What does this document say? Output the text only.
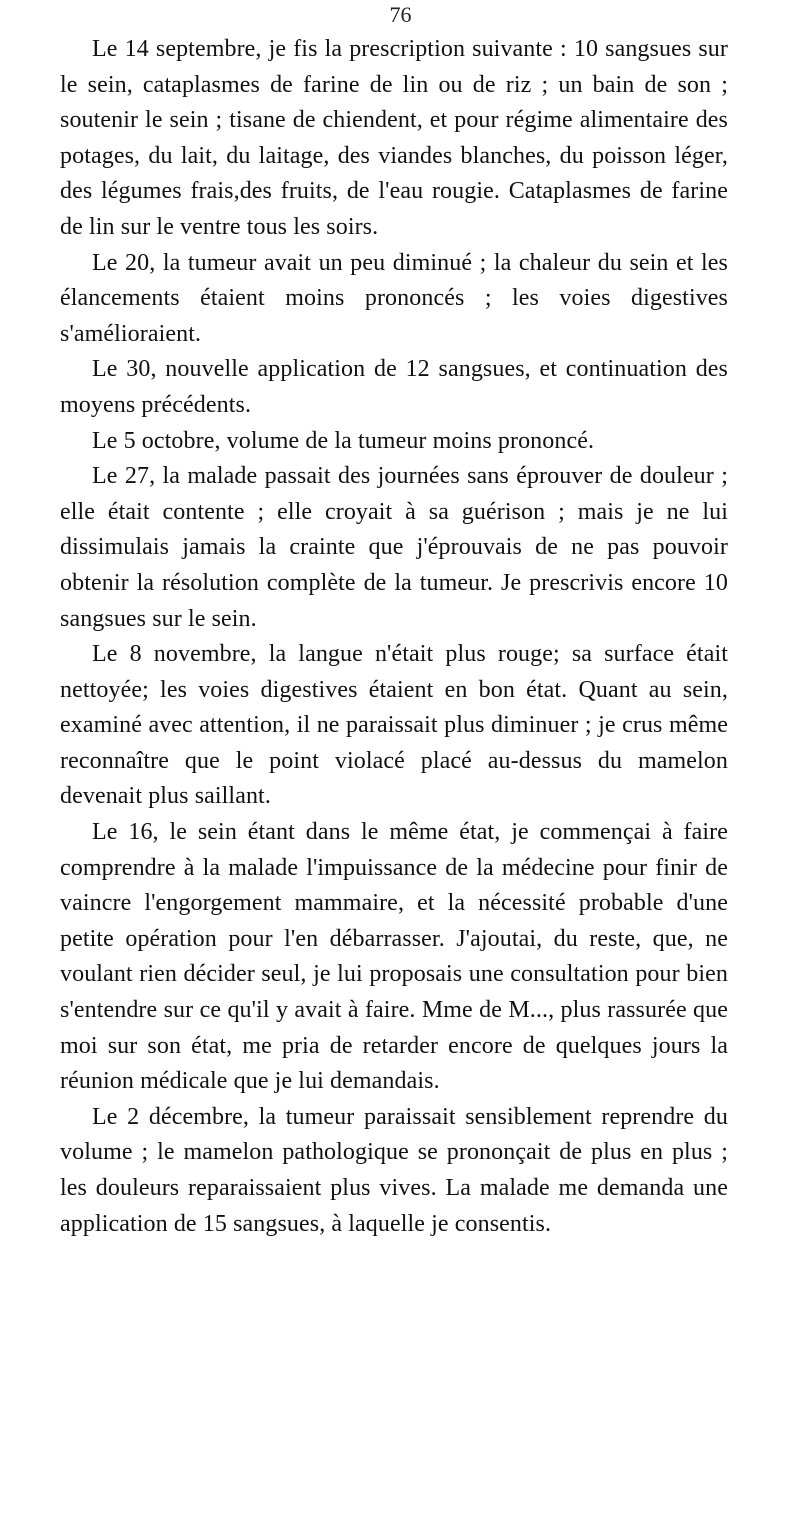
76

Le 14 septembre, je fis la prescription suivante : 10 sangsues sur le sein, cataplasmes de farine de lin ou de riz ; un bain de son ; soutenir le sein ; tisane de chiendent, et pour régime alimentaire des potages, du lait, du laitage, des viandes blanches, du poisson léger, des légumes frais,des fruits, de l'eau rougie. Cataplasmes de farine de lin sur le ventre tous les soirs.

Le 20, la tumeur avait un peu diminué ; la chaleur du sein et les élancements étaient moins prononcés ; les voies digestives s'amélioraient.

Le 30, nouvelle application de 12 sangsues, et continuation des moyens précédents.

Le 5 octobre, volume de la tumeur moins prononcé.

Le 27, la malade passait des journées sans éprouver de douleur ; elle était contente ; elle croyait à sa guérison ; mais je ne lui dissimulais jamais la crainte que j'éprouvais de ne pas pouvoir obtenir la résolution complète de la tumeur. Je prescrivis encore 10 sangsues sur le sein.

Le 8 novembre, la langue n'était plus rouge; sa surface était nettoyée; les voies digestives étaient en bon état. Quant au sein, examiné avec attention, il ne paraissait plus diminuer ; je crus même reconnaître que le point violacé placé au-dessus du mamelon devenait plus saillant.

Le 16, le sein étant dans le même état, je commençai à faire comprendre à la malade l'impuissance de la médecine pour finir de vaincre l'engorgement mammaire, et la nécessité probable d'une petite opération pour l'en débarrasser. J'ajoutai, du reste, que, ne voulant rien décider seul, je lui proposais une consultation pour bien s'entendre sur ce qu'il y avait à faire. Mme de M..., plus rassurée que moi sur son état, me pria de retarder encore de quelques jours la réunion médicale que je lui demandais.

Le 2 décembre, la tumeur paraissait sensiblement reprendre du volume ; le mamelon pathologique se prononçait de plus en plus ; les douleurs reparaissaient plus vives. La malade me demanda une application de 15 sangsues, à laquelle je consentis.
